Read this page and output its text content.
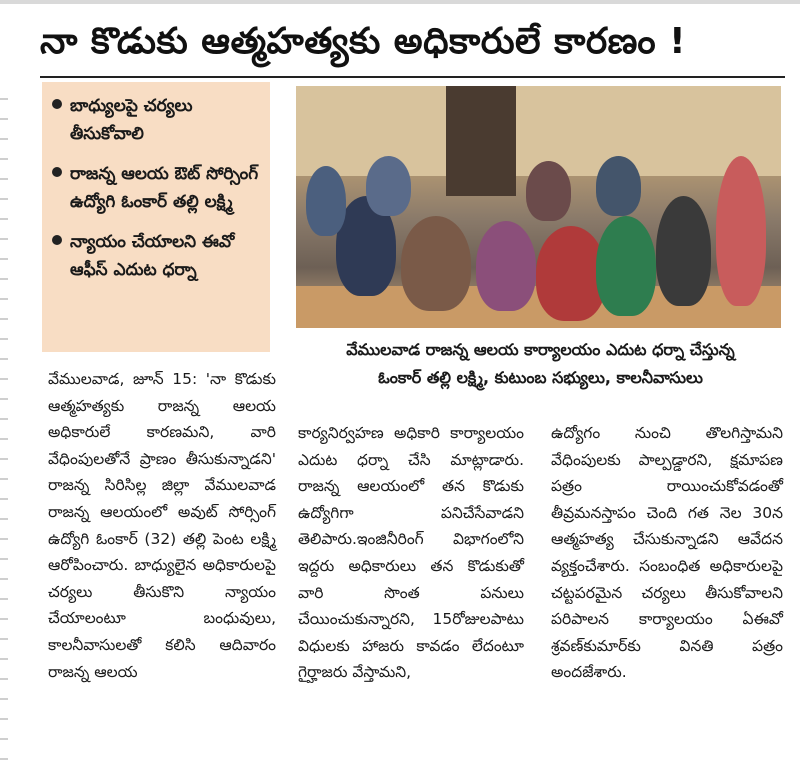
నా కొడుకు ఆత్మహత్యకు అధికారులే కారణం !
బాధ్యులపై చర్యలు తీసుకోవాలి
రాజన్న ఆలయ ఔట్ సోర్సింగ్ ఉద్యోగి ఓంకార్ తల్లి లక్ష్మి
న్యాయం చేయాలని ఈవో ఆఫీస్ ఎదుట ధర్నా
వేములవాడ రాజన్న ఆలయ కార్యాలయం ఎదుట ధర్నా చేస్తున్న
ఓంకార్ తల్లి లక్ష్మి, కుటుంబ సభ్యులు, కాలనీవాసులు

వేములవాడ, జూన్ 15: 'నా కొడుకు ఆత్మహత్యకు రాజన్న ఆలయ అధికారులే కారణమని, వారి వేధింపులతోనే ప్రాణం తీసుకున్నాడని' రాజన్న సిరిసిల్ల జిల్లా వేములవాడ రాజన్న ఆలయంలో అవుట్ సోర్సింగ్ ఉద్యోగి ఓంకార్ (32) తల్లి పెంట లక్ష్మి ఆరోపించారు. బాధ్యులైన అధికారులపై చర్యలు తీసుకొని న్యాయం చేయాలంటూ బంధువులు, కాలనీవాసులతో కలిసి ఆదివారం రాజన్న ఆలయ

కార్యనిర్వహణ అధికారి కార్యాలయం ఎదుట ధర్నా చేసి మాట్లాడారు. రాజన్న ఆలయంలో తన కొడుకు ఉద్యోగిగా పనిచేసేవాడని తెలిపారు.ఇంజినీరింగ్ విభాగంలోని ఇద్దరు అధికారులు తన కొడుకుతో వారి సొంత పనులు చేయించుకున్నారని, 15రోజులపాటు విధులకు హాజరు కావడం లేదంటూ గైర్హాజరు వేస్తామని,

ఉద్యోగం నుంచి తొలగిస్తామని వేధింపులకు పాల్పడ్డారని, క్షమాపణ పత్రం రాయించుకోవడంతో తీవ్రమనస్తాపం చెంది గత నెల 30న ఆత్మహత్య చేసుకున్నాడని ఆవేదన వ్యక్తంచేశారు. సంబంధిత అధికారులపై చట్టపరమైన చర్యలు తీసుకోవాలని పరిపాలన కార్యాలయం ఏఈవో శ్రవణ్‌కుమార్‌కు వినతి పత్రం అందజేశారు.
